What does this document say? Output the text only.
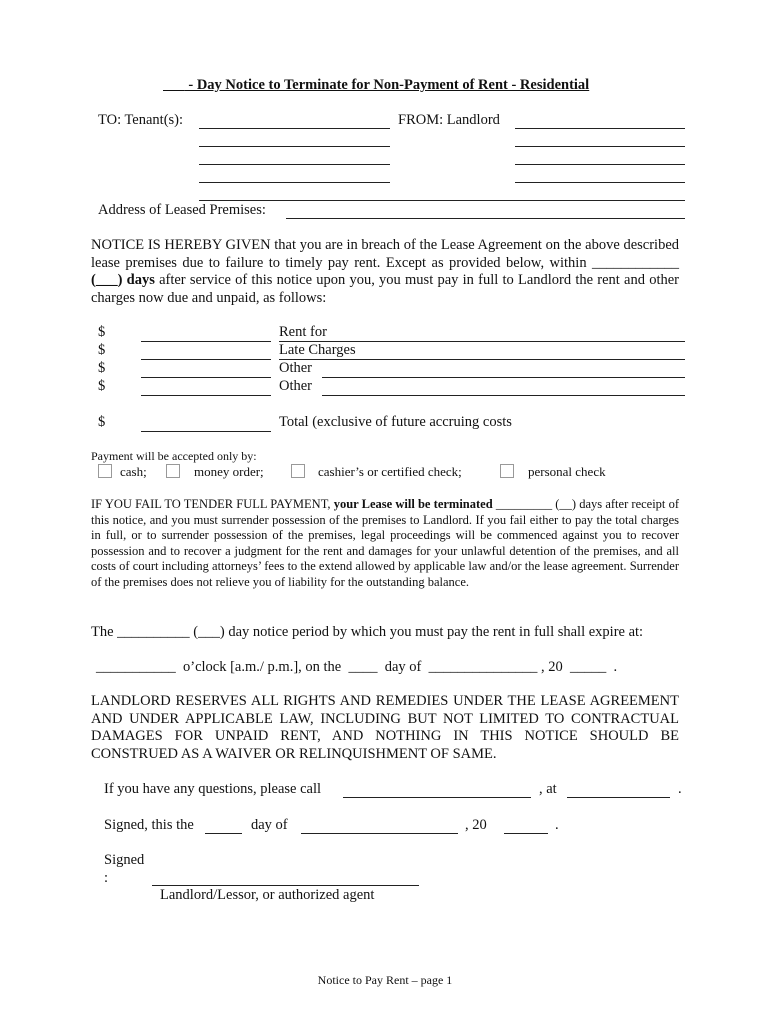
- Day Notice to Terminate for Non-Payment of Rent - Residential
TO: Tenant(s):	FROM: Landlord
Address of Leased Premises:
NOTICE IS HEREBY GIVEN that you are in breach of the Lease Agreement on the above described lease premises due to failure to timely pay rent. Except as provided below, within ____________ (___) days after service of this notice upon you, you must pay in full to Landlord the rent and other charges now due and unpaid, as follows:
$	Rent for
$	Late Charges
$	Other
$	Other
$	Total (exclusive of future accruing costs
Payment will be accepted only by:
cash;	money order;	cashier’s or certified check;	personal check
IF YOU FAIL TO TENDER FULL PAYMENT, your Lease will be terminated _________ (__) days after receipt of this notice, and you must surrender possession of the premises to Landlord. If you fail either to pay the total charges in full, or to surrender possession of the premises, legal proceedings will be commenced against you to recover possession and to recover a judgment for the rent and damages for your unlawful detention of the premises, and all costs of court including attorneys’ fees to the extend allowed by applicable law and/or the lease agreement. Surrender of the premises does not relieve you of liability for the outstanding balance.
The __________ (___) day notice period by which you must pay the rent in full shall expire at:
___________  o’clock [a.m./ p.m.], on the  ____  day of  _______________ , 20  _____  .
LANDLORD RESERVES ALL RIGHTS AND REMEDIES UNDER THE LEASE AGREEMENT AND UNDER APPLICABLE LAW, INCLUDING BUT NOT LIMITED TO CONTRACTUAL DAMAGES FOR UNPAID RENT, AND NOTHING IN THIS NOTICE SHOULD BE CONSTRUED AS A WAIVER OR RELINQUISHMENT OF SAME.
If you have any questions, please call	, at	.
Signed, this the	day of	, 20	.
Signed
:
Landlord/Lessor, or authorized agent
Notice to Pay Rent – page 1
